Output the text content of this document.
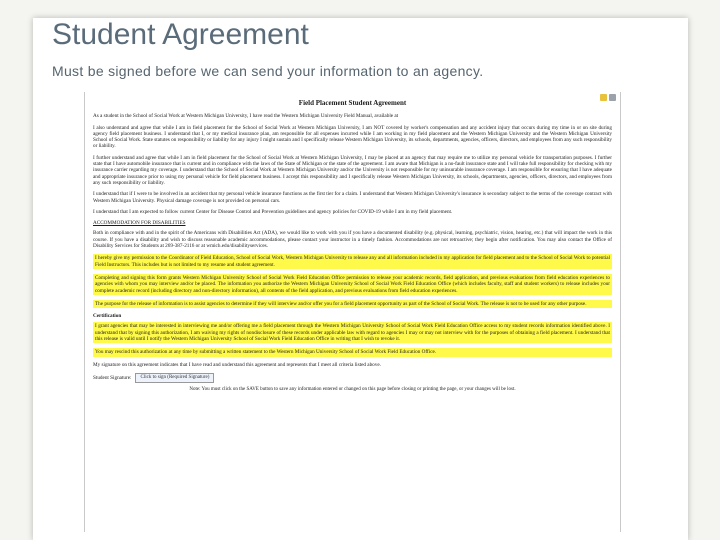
Student Agreement
Must be signed before we can send your information to an agency.
Field Placement Student Agreement
As a student in the School of Social Work at Western Michigan University, I have read the Western Michigan University Field Manual, available at
I also understand and agree that while I am in field placement for the School of Social Work at Western Michigan University, I am NOT covered by worker's compensation and any accident injury that occurs during my time in or on site during agency field placement business. I understand that I, or my medical insurance plan, am responsible for all expenses incurred while I am working in my field placement and the Western Michigan University and the Western Michigan University School of Social Work. State statutes on responsibility or liability for any injury I might sustain and I specifically release Western Michigan University, its schools, departments, agencies, officers, directors, and employees from any such responsibility or liability.
I further understand and agree that while I am in field placement for the School of Social Work at Western Michigan University, I may be placed at an agency that may require me to utilize my personal vehicle for transportation purposes. I further state that I have automobile insurance that is current and in compliance with the laws of the State of Michigan or the state of the agreement. I am aware that Michigan is a no-fault insurance state and I will take full responsibility for checking with my insurance carrier regarding my coverage. I understand that the School of Social Work at Western Michigan University and/or the University is not responsible for my uninsurable insurance coverage. I am responsible for ensuring that I have adequate and appropriate insurance prior to using my personal vehicle for field placement business. I accept this responsibility and I specifically release Western Michigan University, its schools, departments, agencies, officers, directors, and employees from any such responsibility or liability.
I understand that if I were to be involved in an accident that my personal vehicle insurance functions as the first tier for a claim. I understand that Western Michigan University's insurance is secondary subject to the terms of the coverage contract with Western Michigan University. Physical damage coverage is not provided on personal cars.
I understand that I am expected to follow current Center for Disease Control and Prevention guidelines and agency policies for COVID-19 while I am in my field placement.
ACCOMMODATION FOR DISABILITIES
Both in compliance with and in the spirit of the Americans with Disabilities Act (ADA), we would like to work with you if you have a documented disability (e.g. physical, learning, psychiatric, vision, hearing, etc.) that will impact the work in this course. If you have a disability and wish to discuss reasonable academic accommodations, please contact your instructor in a timely fashion. Accommodations are not retroactive; they begin after notification. You may also contact the Office of Disability Services for Students at 269-387-2116 or at wmich.edu/disabilityservices.
I hereby give my permission to the Coordinator of Field Education, School of Social Work, Western Michigan University to release any and all information included in my application for field placement and to the School of Social Work to potential Field Instructors. This includes but is not limited to my resume and student agreement.
Completing and signing this form grants Western Michigan University School of Social Work Field Education Office permission to release your academic records, field application, and previous evaluations from field education experiences to agencies with whom you may interview and/or be placed. The information you authorize the Western Michigan University School of Social Work Field Education Office (which includes faculty, staff and student workers) to release includes your complete academic record (including directory and non-directory information), all contents of the field application, and previous evaluations from field education experiences.
The purpose for the release of information is to assist agencies to determine if they will interview and/or offer you for a field placement opportunity as part of the School of Social Work. The release is not to be used for any other purpose.
Certification
I grant agencies that may be interested in interviewing me and/or offering me a field placement through the Western Michigan University School of Social Work Field Education Office access to my student records information identified above. I understand that by signing this authorization, I am waiving my rights of nondisclosure of these records under applicable law with regard to agencies I may or may not interview with for the purposes of obtaining a field placement. I understand that this release is valid until I notify the Western Michigan University School of Social Work Field Education Office in writing that I wish to revoke it.
You may rescind this authorization at any time by submitting a written statement to the Western Michigan University School of Social Work Field Education Office.
My signature on this agreement indicates that I have read and understand this agreement and represents that I meet all criteria listed above.
Student Signature:	Click to sign (Required Signature)
Note: You must click on the SAVE button to save any information entered or changed on this page before closing or printing the page, or your changes will be lost.
